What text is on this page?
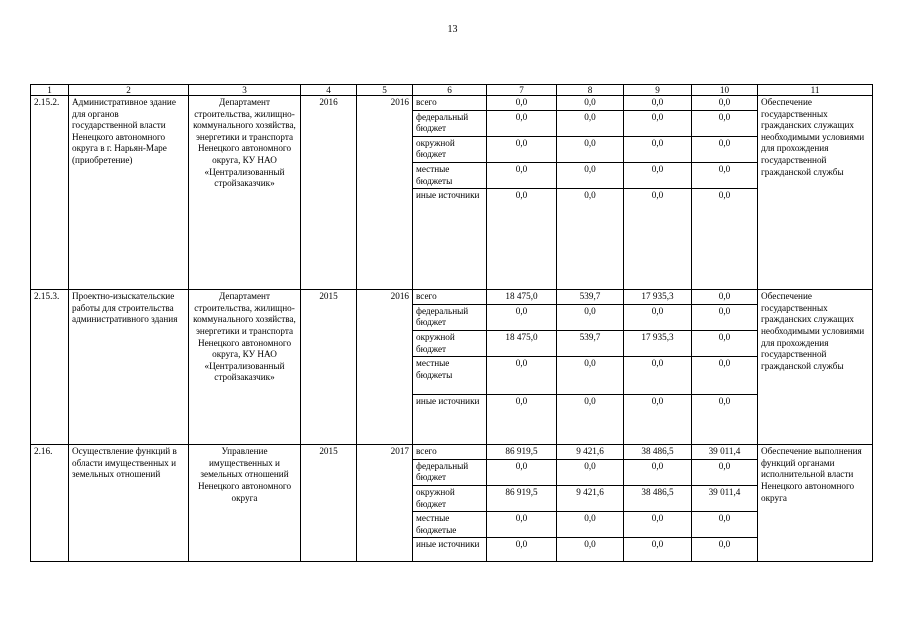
13
1	2	3	4	5	6	7	8	9	10	11
2.15.2.	Административное здание для органов государственной власти Ненецкого автономного округа в г. Нарьян-Маре (приобретение)	Департамент строительства, жилищно-коммунального хозяйства, энергетики и транспорта Ненецкого автономного округа, КУ НАО «Централизованный стройзаказчик»	2016	2016	всего	0,0	0,0	0,0	0,0	Обеспечение государственных гражданских служащих необходимыми условиями для прохождения государственной гражданской службы
					федеральный бюджет	0,0	0,0	0,0	0,0	
					окружной бюджет	0,0	0,0	0,0	0,0	
					местные бюджеты	0,0	0,0	0,0	0,0	
					иные источники	0,0	0,0	0,0	0,0	
2.15.3.	Проектно-изыскательские работы для строительства административного здания	Департамент строительства, жилищно-коммунального хозяйства, энергетики и транспорта Ненецкого автономного округа, КУ НАО «Централизованный стройзаказчик»	2015	2016	всего	18 475,0	539,7	17 935,3	0,0	Обеспечение государственных гражданских служащих необходимыми условиями для прохождения государственной гражданской службы
					федеральный бюджет	0,0	0,0	0,0	0,0	
					окружной бюджет	18 475,0	539,7	17 935,3	0,0	
					местные бюджеты	0,0	0,0	0,0	0,0	
					иные источники	0,0	0,0	0,0	0,0	
2.16.	Осуществление функций в области имущественных и земельных отношений	Управление имущественных и земельных отношений Ненецкого автономного округа	2015	2017	всего	86 919,5	9 421,6	38 486,5	39 011,4	Обеспечение выполнения функций органами исполнительной власти Ненецкого автономного округа
					федеральный бюджет	0,0	0,0	0,0	0,0	
					окружной бюджет	86 919,5	9 421,6	38 486,5	39 011,4	
					местные бюджетые	0,0	0,0	0,0	0,0	
					иные источники	0,0	0,0	0,0	0,0	
